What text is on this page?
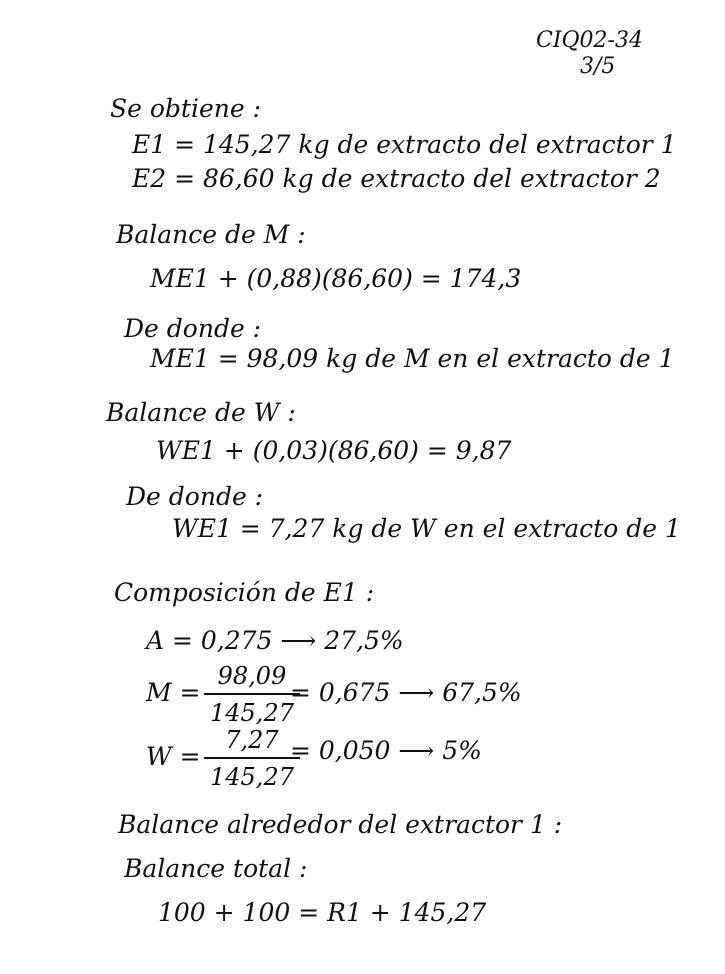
CIQ02-34
3/5
Se obtiene :
E1 = 145,27 kg de extracto del extractor 1
E2 = 86,60 kg de extracto del extractor 2
Balance de M :
ME1 + (0,88)(86,60) = 174,3
De donde :
ME1 = 98,09 kg de M en el extracto de 1
Balance de W :
WE1 + (0,03)(86,60) = 9,87
De donde :
WE1 = 7,27 kg de W en el extracto de 1
Composición de E1 :
A = 0,275 ⟶ 27,5%
$M = \frac{98,09}{145,27}$
= 0,675 ⟶ 67,5%
$W = \frac{7,27}{145,27}$
= 0,050 ⟶ 5%
Balance alrededor del extractor 1 :
Balance total :
100 + 100 = R1 + 145,27
